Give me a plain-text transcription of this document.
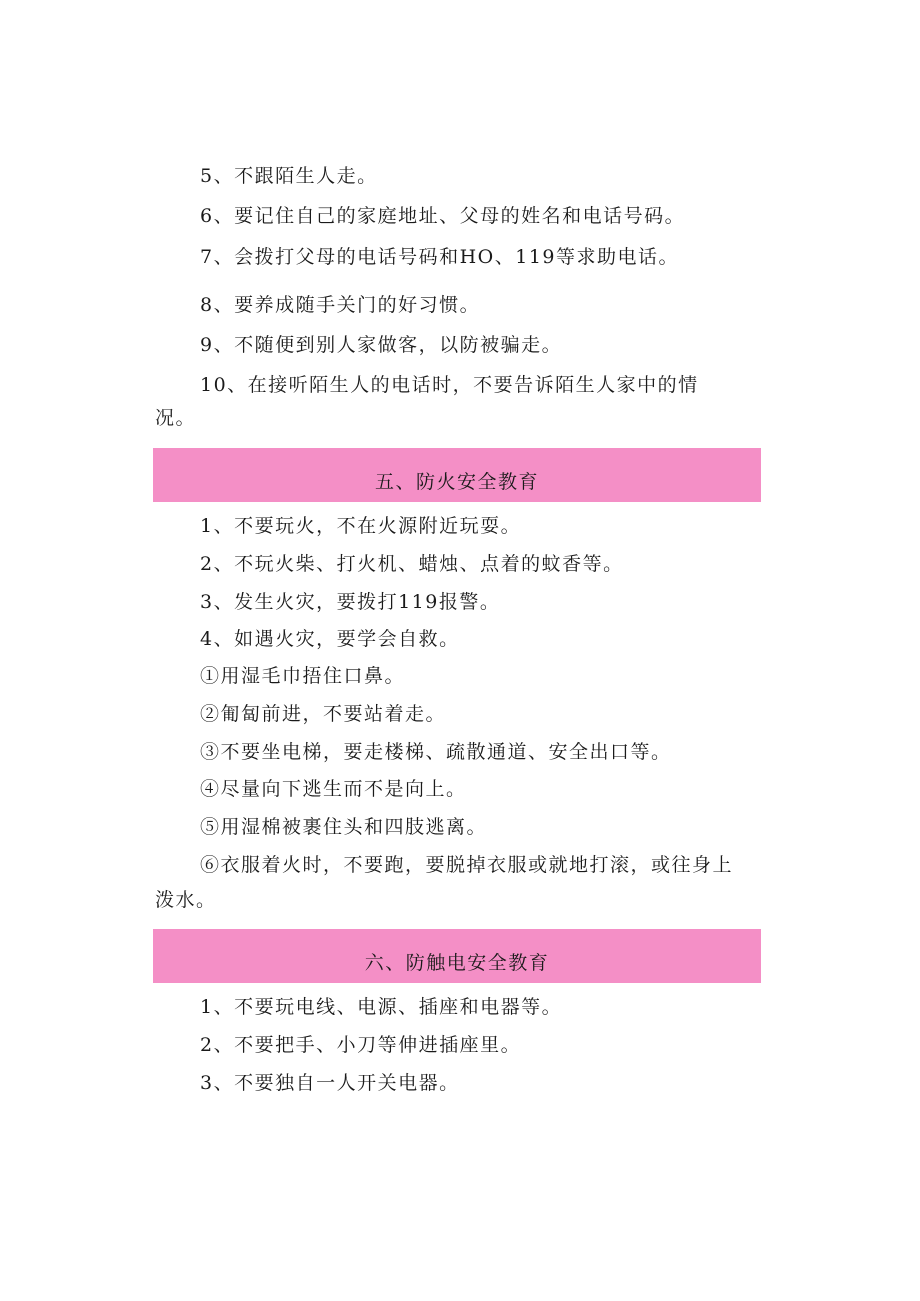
5、不跟陌生人走。
6、要记住自己的家庭地址、父母的姓名和电话号码。
7、会拨打父母的电话号码和HO、119等求助电话。
8、要养成随手关门的好习惯。
9、不随便到别人家做客，以防被骗走。
10、在接听陌生人的电话时，不要告诉陌生人家中的情
况。
五、防火安全教育
1、不要玩火，不在火源附近玩耍。
2、不玩火柴、打火机、蜡烛、点着的蚊香等。
3、发生火灾，要拨打119报警。
4、如遇火灾，要学会自救。
①用湿毛巾捂住口鼻。
②匍匐前进，不要站着走。
③不要坐电梯，要走楼梯、疏散通道、安全出口等。
④尽量向下逃生而不是向上。
⑤用湿棉被裹住头和四肢逃离。
⑥衣服着火时，不要跑，要脱掉衣服或就地打滚，或往身上
泼水。
六、防触电安全教育
1、不要玩电线、电源、插座和电器等。
2、不要把手、小刀等伸进插座里。
3、不要独自一人开关电器。
